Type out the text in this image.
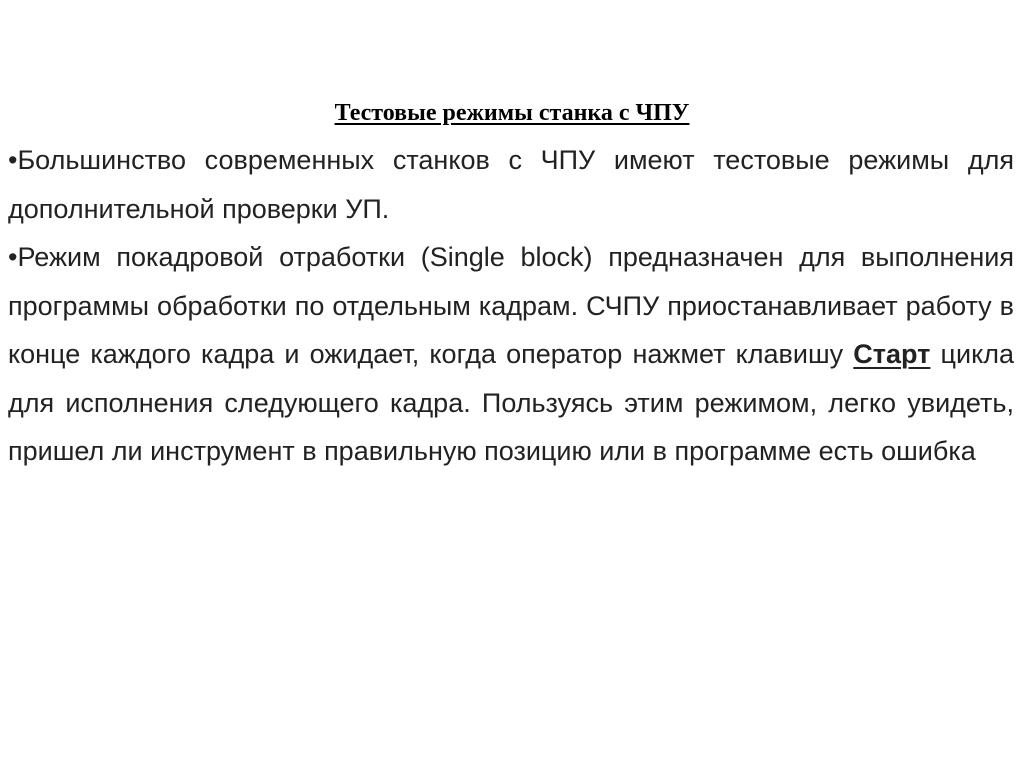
Тестовые режимы станка с ЧПУ

•Большинство современных станков с ЧПУ имеют тестовые режимы для дополнительной проверки УП.

•Режим покадровой отработки (Single block) предназначен для выполнения программы обработки по отдельным кадрам. СЧПУ приостанавливает работу в конце каждого кадра и ожидает, когда оператор нажмет клавишу Старт цикла для исполнения следующего кадра. Пользуясь этим режимом, легко увидеть, пришел ли инструмент в правильную позицию или в программе есть ошибка
